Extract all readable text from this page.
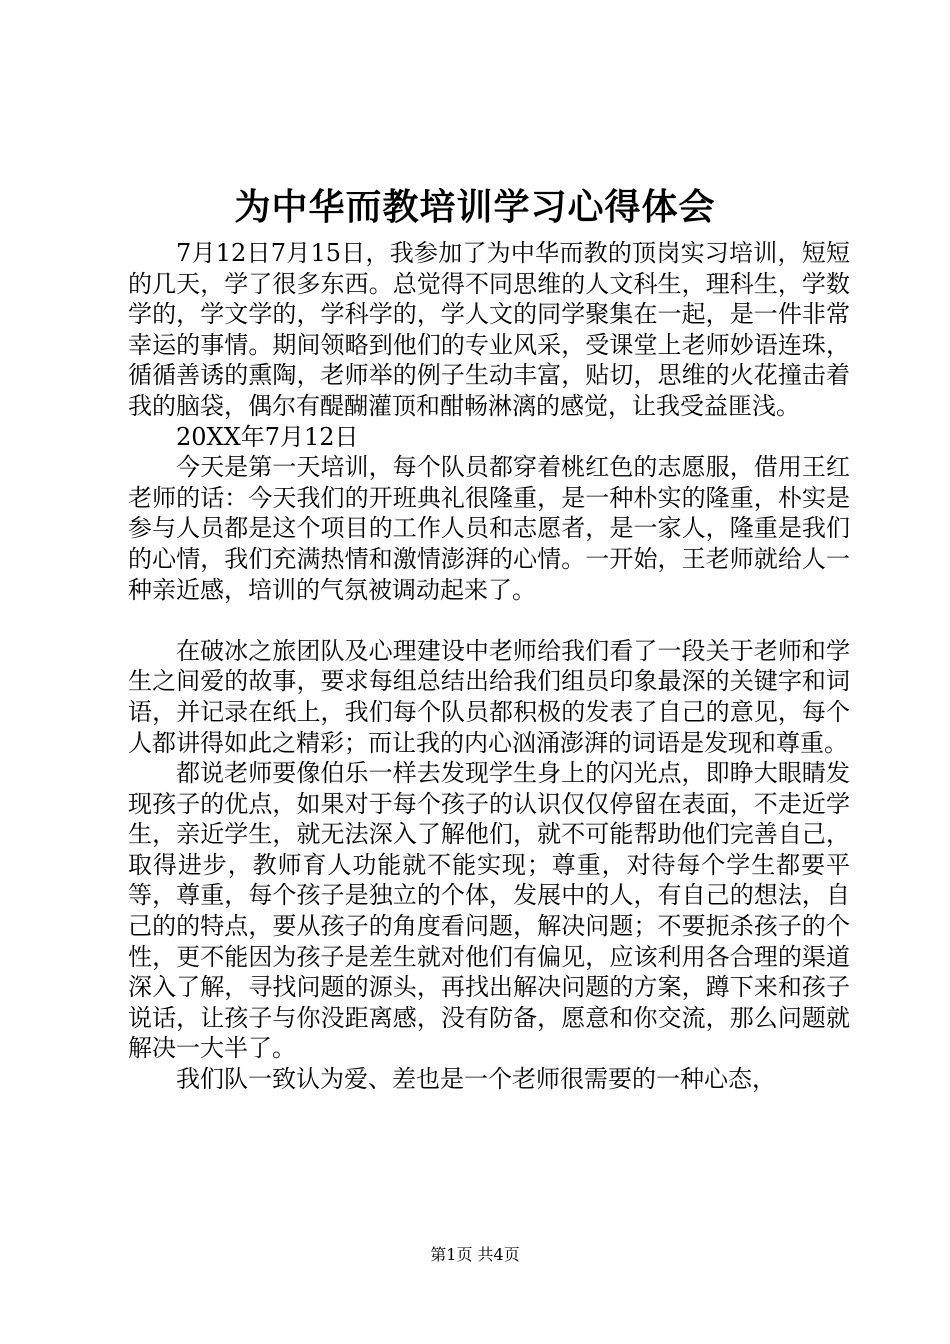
为中华而教培训学习心得体会

7月12日7月15日，我参加了为中华而教的顶岗实习培训，短短的几天，学了很多东西。总觉得不同思维的人文科生，理科生，学数学的，学文学的，学科学的，学人文的同学聚集在一起，是一件非常幸运的事情。期间领略到他们的专业风采，受课堂上老师妙语连珠，循循善诱的熏陶，老师举的例子生动丰富，贴切，思维的火花撞击着我的脑袋，偶尔有醍醐灌顶和酣畅淋漓的感觉，让我受益匪浅。

20XX年7月12日

今天是第一天培训，每个队员都穿着桃红色的志愿服，借用王红老师的话：今天我们的开班典礼很隆重，是一种朴实的隆重，朴实是参与人员都是这个项目的工作人员和志愿者，是一家人，隆重是我们的心情，我们充满热情和激情澎湃的心情。一开始，王老师就给人一种亲近感，培训的气氛被调动起来了。

在破冰之旅团队及心理建设中老师给我们看了一段关于老师和学生之间爱的故事，要求每组总结出给我们组员印象最深的关键字和词语，并记录在纸上，我们每个队员都积极的发表了自己的意见，每个人都讲得如此之精彩；而让我的内心汹涌澎湃的词语是发现和尊重。

都说老师要像伯乐一样去发现学生身上的闪光点，即睁大眼睛发现孩子的优点，如果对于每个孩子的认识仅仅停留在表面，不走近学生，亲近学生，就无法深入了解他们，就不可能帮助他们完善自己，取得进步，教师育人功能就不能实现；尊重，对待每个学生都要平等，尊重，每个孩子是独立的个体，发展中的人，有自己的想法，自己的的特点，要从孩子的角度看问题，解决问题；不要扼杀孩子的个性，更不能因为孩子是差生就对他们有偏见，应该利用各合理的渠道深入了解，寻找问题的源头，再找出解决问题的方案，蹲下来和孩子说话，让孩子与你没距离感，没有防备，愿意和你交流，那么问题就解决一大半了。

我们队一致认为爱、差也是一个老师很需要的一种心态，

第1页 共4页
